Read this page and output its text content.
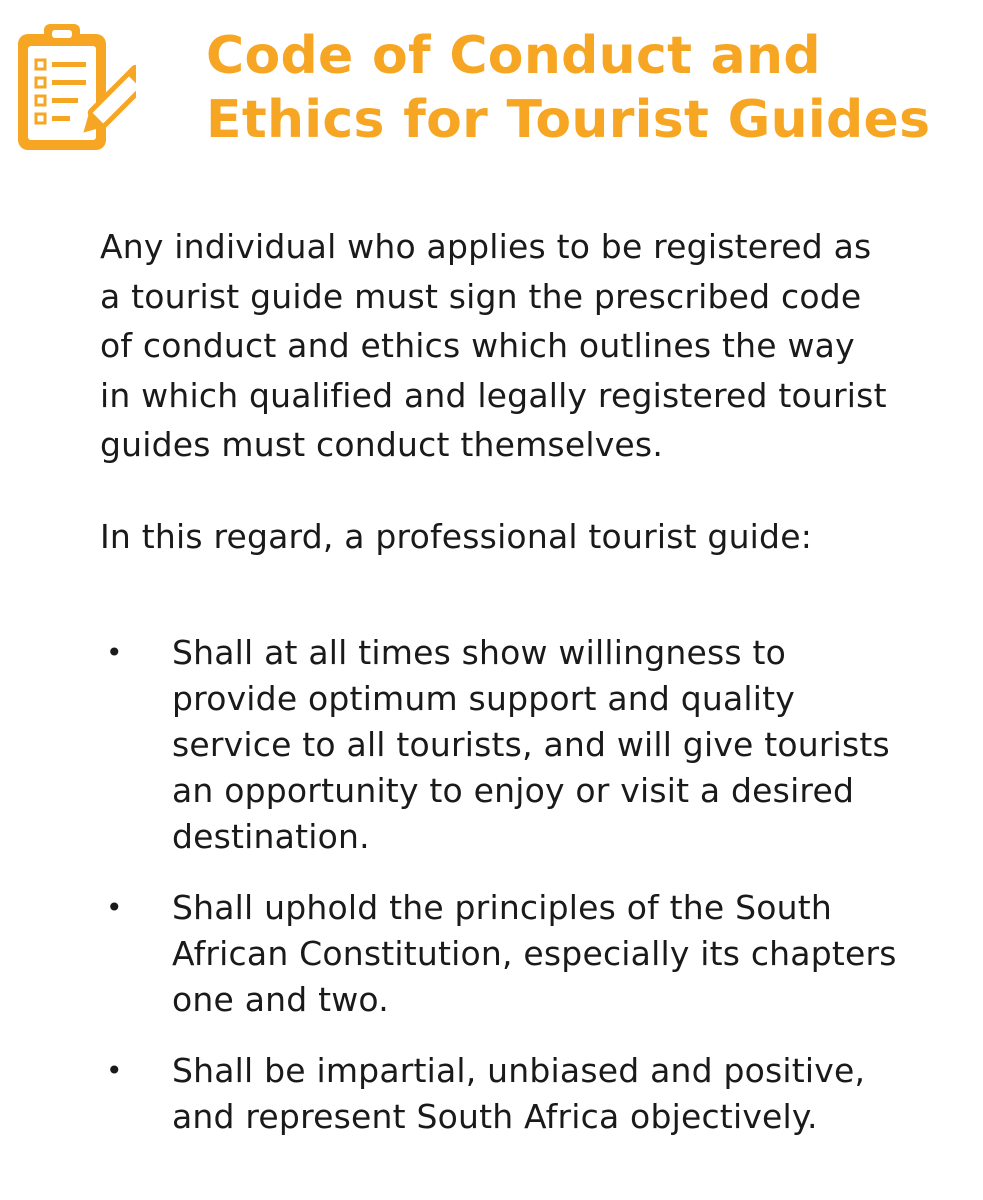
Code of Conduct and
Ethics for Tourist Guides

Any individual who applies to be registered as
a tourist guide must sign the prescribed code
of conduct and ethics which outlines the way
in which qualified and legally registered tourist
guides must conduct themselves.

In this regard, a professional tourist guide:

• Shall at all times show willingness to
provide optimum support and quality
service to all tourists, and will give tourists
an opportunity to enjoy or visit a desired
destination.
• Shall uphold the principles of the South
African Constitution, especially its chapters
one and two.
• Shall be impartial, unbiased and positive,
and represent South Africa objectively.
